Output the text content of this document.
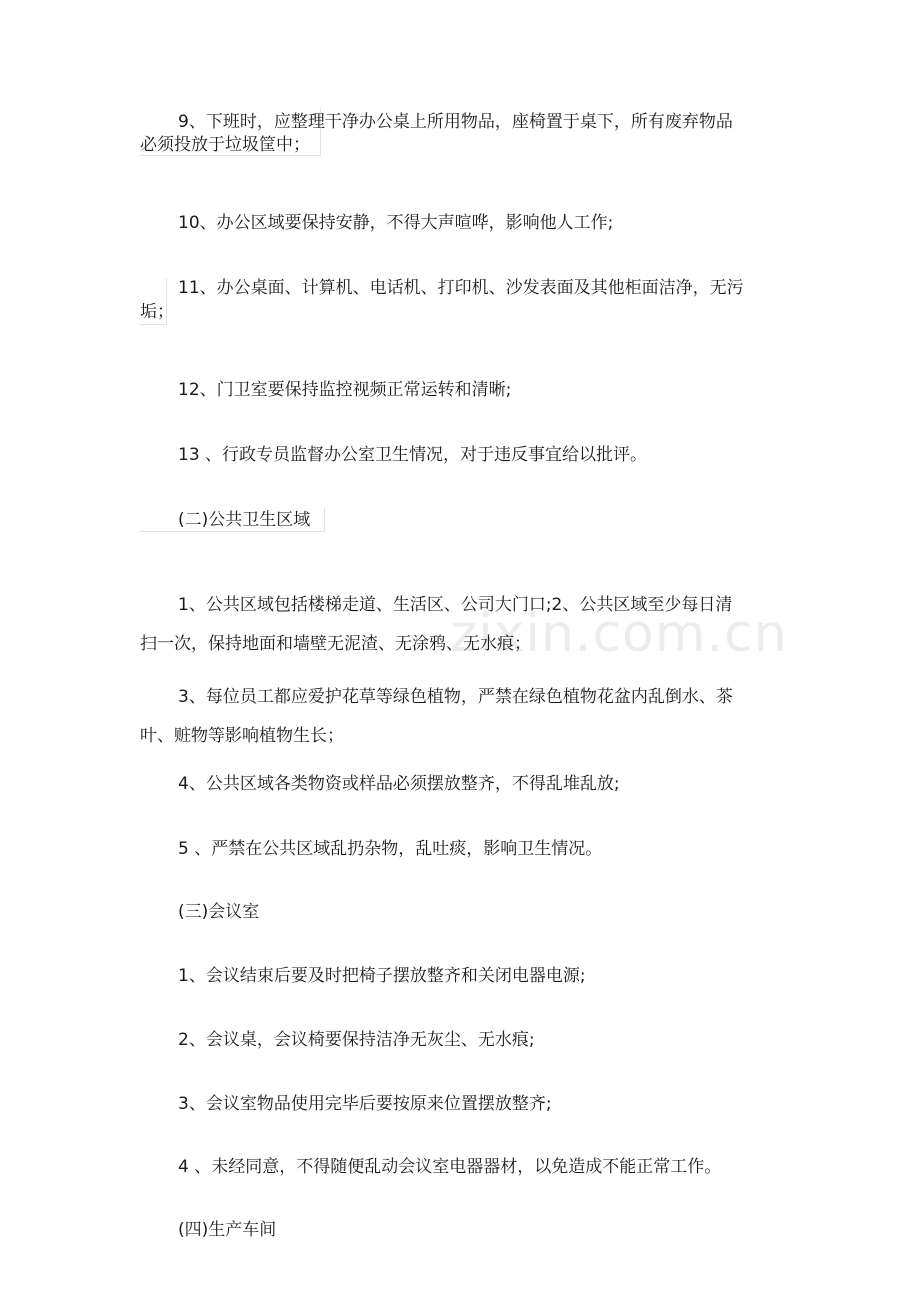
9、下班时，应整理干净办公桌上所用物品，座椅置于桌下，所有废弃物品
必须投放于垃圾筐中；
10、办公区域要保持安静，不得大声喧哗，影响他人工作;
11、办公桌面、计算机、电话机、打印机、沙发表面及其他柜面洁净，无污
垢；
12、门卫室要保持监控视频正常运转和清晰;
13 、行政专员监督办公室卫生情况，对于违反事宜给以批评。
(二)公共卫生区域
1、公共区域包括楼梯走道、生活区、公司大门口;2、公共区域至少每日清
扫一次，保持地面和墙壁无泥渣、无涂鸦、无水痕；
3、每位员工都应爱护花草等绿色植物，严禁在绿色植物花盆内乱倒水、茶
叶、赃物等影响植物生长；
4、公共区域各类物资或样品必须摆放整齐，不得乱堆乱放;
5 、严禁在公共区域乱扔杂物，乱吐痰，影响卫生情况。
(三)会议室
1、会议结束后要及时把椅子摆放整齐和关闭电器电源;
2、会议桌，会议椅要保持洁净无灰尘、无水痕;
3、会议室物品使用完毕后要按原来位置摆放整齐;
4 、未经同意，不得随便乱动会议室电器器材，以免造成不能正常工作。
(四)生产车间
zixin.com.cn
